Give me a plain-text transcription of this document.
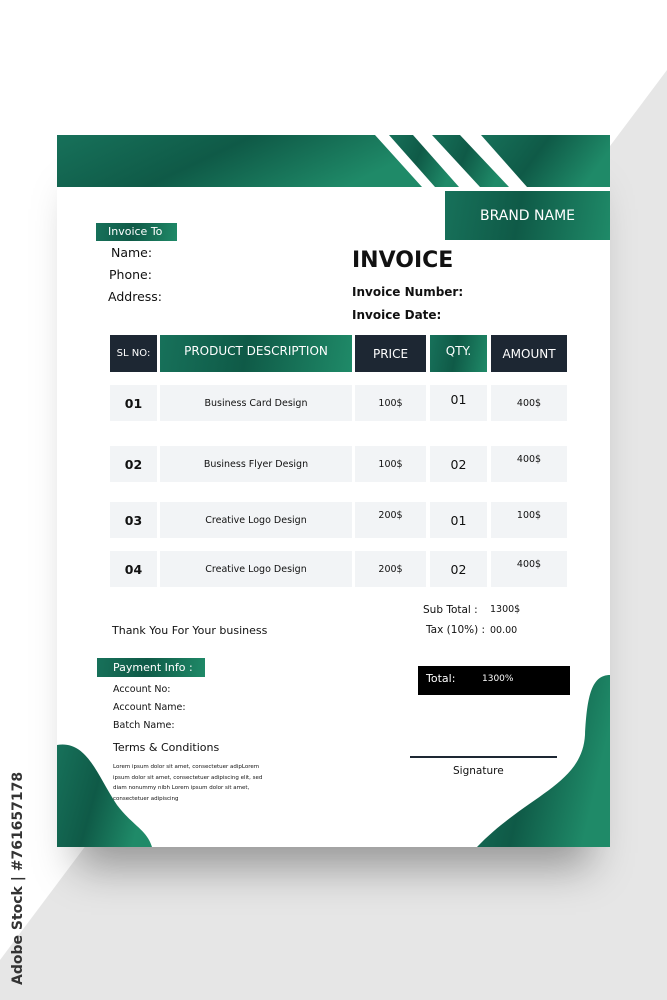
BRAND NAME
Invoice To
Name:
Phone:
Address:
INVOICE
Invoice Number:
Invoice Date:
SL NO:	PRODUCT DESCRIPTION	PRICE	QTY.	AMOUNT
01	Business Card Design	100$	01	400$
02	Business Flyer Design	100$	02	400$
03	Creative Logo Design	200$	01	100$
04	Creative Logo Design	200$	02	400$
Sub Total : 1300$
Tax (10%) : 00.00
Thank You For Your business
Total:	1300%
Payment Info :
Account No:
Account Name:
Batch Name:
Terms & Conditions
Lorem ipsum dolor sit amet, consectetuer adipLorem ipsum dolor sit amet, consectetuer adipiscing elit, sed diam nonummy nibh Lorem ipsum dolor sit amet, consectetuer adipiscing
Signature
Adobe Stock | #761657178
